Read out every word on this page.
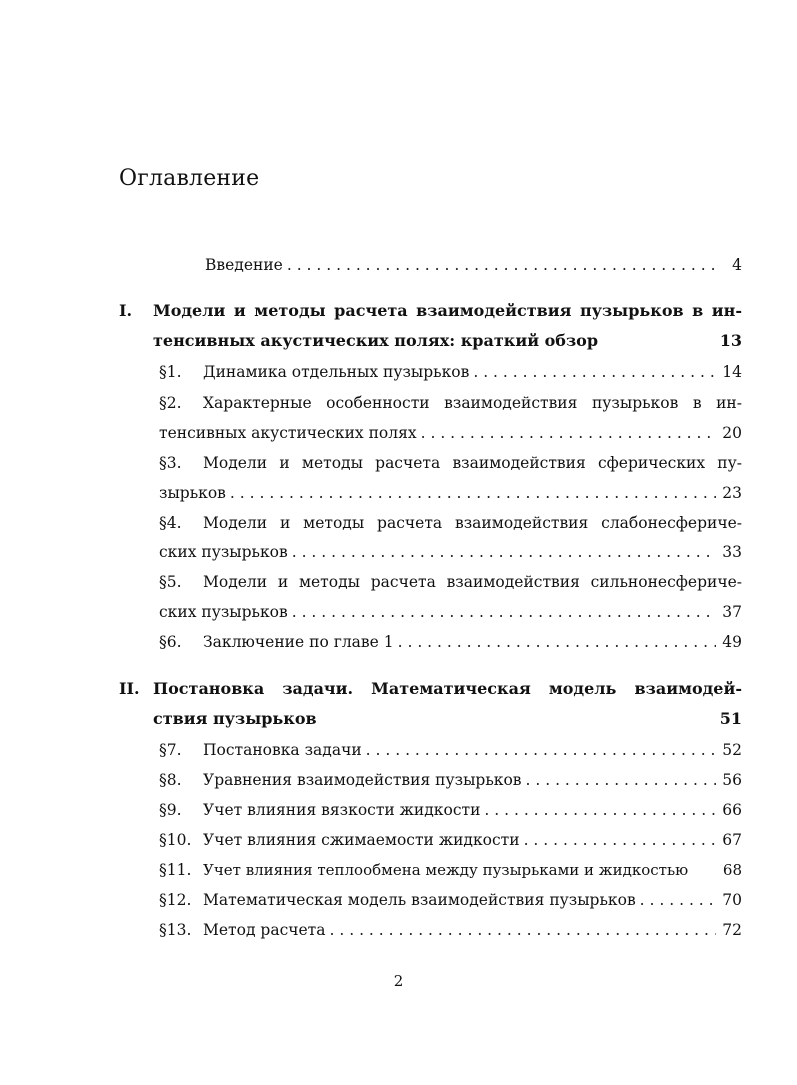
Оглавление
Введение . . .	4
I. Модели и методы расчета взаимодействия пузырьков в ин-
тенсивных акустических полях: краткий обзор	13
§1. Динамика отдельных пузырьков . . .	14
§2. Характерные особенности взаимодействия пузырьков в ин-
тенсивных акустических полях . . .	20
§3. Модели и методы расчета взаимодействия сферических пу-
зырьков . . .	23
§4. Модели и методы расчета взаимодействия слабонесфериче-
ских пузырьков . . .	33
§5. Модели и методы расчета взаимодействия сильнонесфериче-
ских пузырьков . . .	37
§6. Заключение по главе 1 . . .	49
II. Постановка задачи. Математическая модель взаимодей-
ствия пузырьков	51
§7. Постановка задачи . . .	52
§8. Уравнения взаимодействия пузырьков . . .	56
§9. Учет влияния вязкости жидкости . . .	66
§10. Учет влияния сжимаемости жидкости . . .	67
§11. Учет влияния теплообмена между пузырьками и жидкостью 68
§12. Математическая модель взаимодействия пузырьков . . .	70
§13. Метод расчета . . .	72
2
